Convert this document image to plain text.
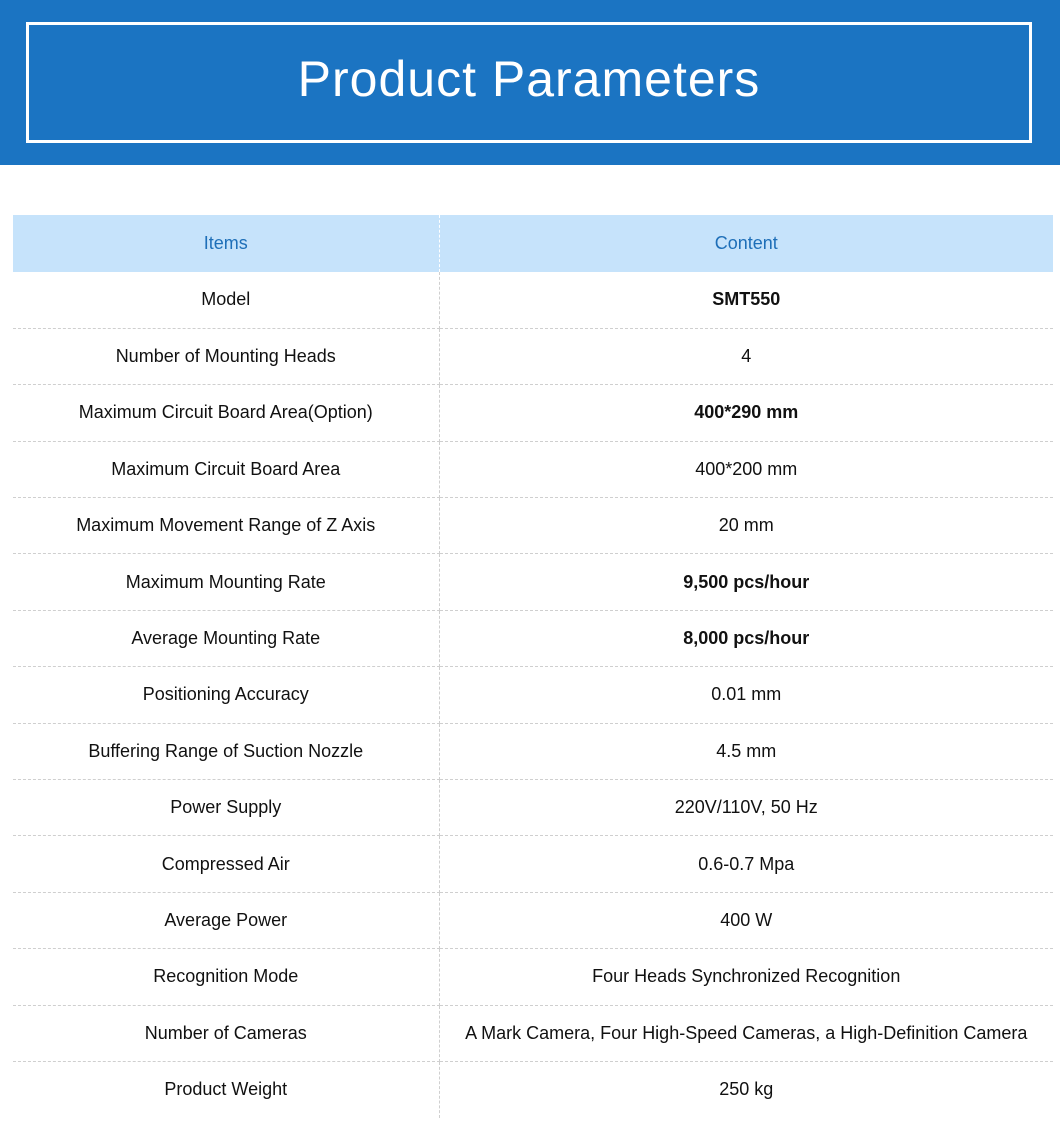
Product Parameters
Items	Content
Model	SMT550
Number of Mounting Heads	4
Maximum Circuit Board Area(Option)	400*290 mm
Maximum Circuit Board Area	400*200 mm
Maximum Movement Range of Z Axis	20 mm
Maximum Mounting Rate	9,500 pcs/hour
Average Mounting Rate	8,000 pcs/hour
Positioning Accuracy	0.01 mm
Buffering Range of Suction Nozzle	4.5 mm
Power Supply	220V/110V, 50 Hz
Compressed Air	0.6-0.7 Mpa
Average Power	400 W
Recognition Mode	Four Heads Synchronized Recognition
Number of Cameras	A Mark Camera, Four High-Speed Cameras, a High-Definition Camera
Product Weight	250 kg
